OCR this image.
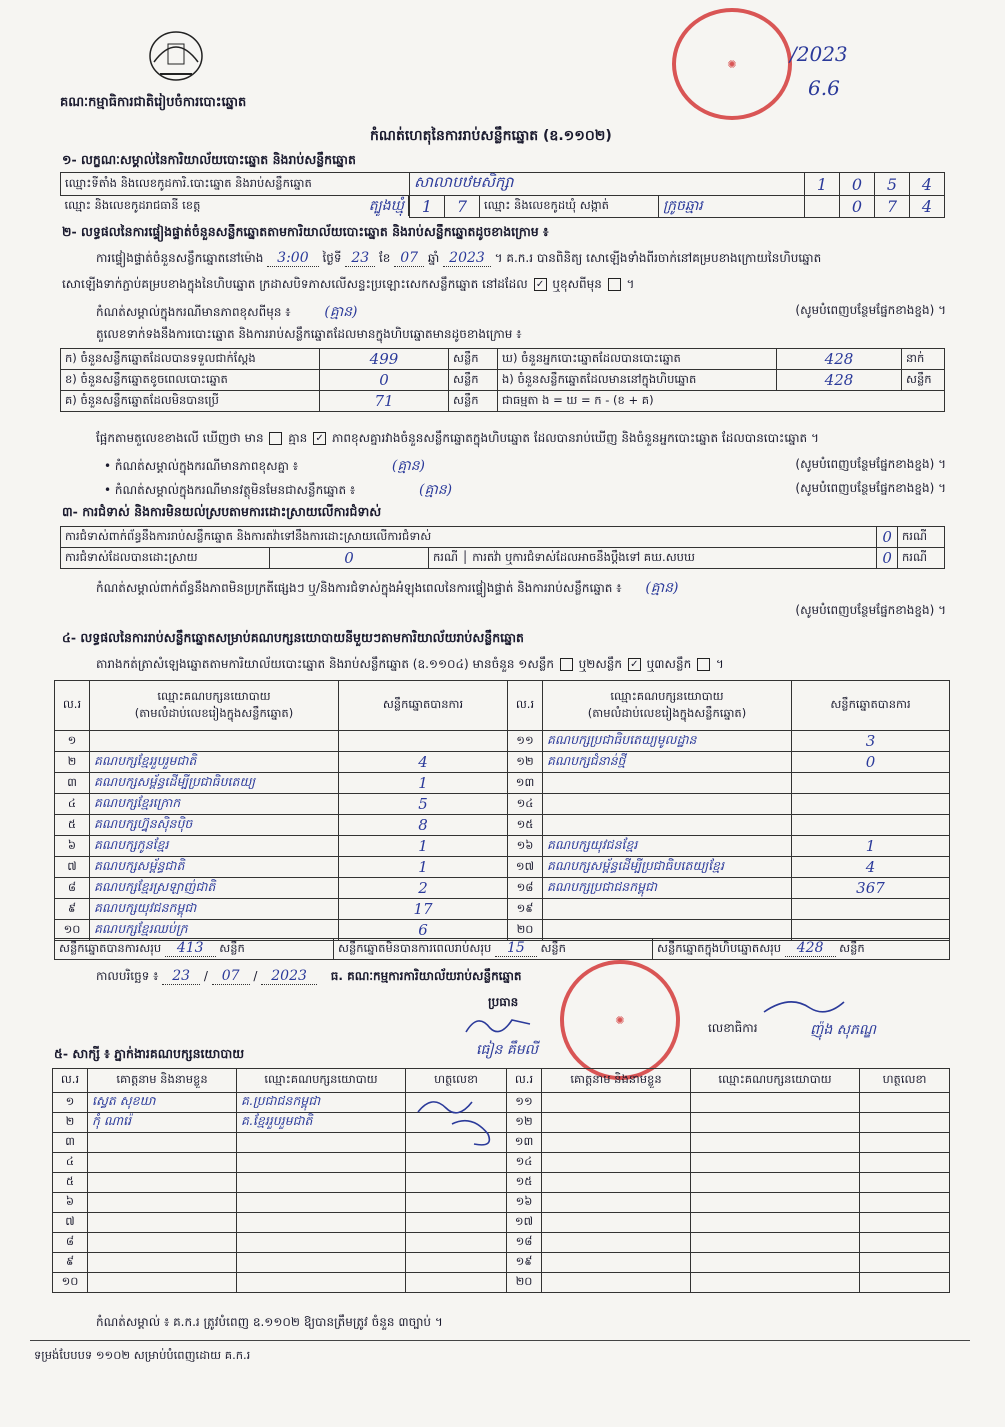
គណៈកម្មាធិការជាតិរៀបចំការបោះឆ្នោត
✺	/2023
6.6
កំណត់ហេតុនៃការរាប់សន្លឹកឆ្នោត (ឧ.១១០២)
១- លក្ខណៈសម្គាល់នៃការិយាល័យបោះឆ្នោត និងរាប់សន្លឹកឆ្នោត
ឈ្មោះទីតាំង និងលេខកូដការិ.បោះឆ្នោត និងរាប់សន្លឹកឆ្នោត	សាលាបឋមសិក្សា				1	0	5	4

ឈ្មោះ និងលេខកូដរាជធានី ខេត្ត	ត្បូងឃ្មុំ 1	7	ឈ្មោះ និងលេខកូដឃុំ សង្កាត់	ក្រូចឆ្មារ		0	7	4
២- លទ្ធផលនៃការផ្ទៀងផ្ទាត់ចំនួនសន្លឹកឆ្នោតតាមការិយាល័យបោះឆ្នោត និងរាប់សន្លឹកឆ្នោតដូចខាងក្រោម ៖
ការផ្ទៀងផ្ទាត់ចំនួនសន្លឹកឆ្នោតនៅម៉ោង 3:00 ថ្ងៃទី 23 ខែ 07 ឆ្នាំ 2023 ។ គ.ក.រ បានពិនិត្យ សោឡើងទាំងពីរចាក់នៅគម្របខាងក្រោយនៃហិបឆ្នោត
សោឡើងទាក់ភ្ជាប់គម្របខាងក្នុងនៃហិបឆ្នោត ក្រដាសបិទភាសលើសន្ទះប្រឡោះសេកសន្លឹកឆ្នោត នៅដដែល ✓ ឬខុសពីមុន  ។
កំណត់សម្គាល់ក្នុងករណីមានភាពខុសពីមុន ៖ (គ្មាន)	(សូមបំពេញបន្ថែមផ្នែកខាងខ្នង) ។
តួលេខទាក់ទងនឹងការបោះឆ្នោត និងការរាប់សន្លឹកឆ្នោតដែលមានក្នុងហិបឆ្នោតមានដូចខាងក្រោម ៖
ក) ចំនួនសន្លឹកឆ្នោតដែលបានទទួលជាក់ស្ដែង	499	សន្លឹក	ឃ) ចំនួនអ្នកបោះឆ្នោតដែលបានបោះឆ្នោត	428	នាក់
ខ) ចំនួនសន្លឹកឆ្នោតខូចពេលបោះឆ្នោត	0	សន្លឹក	ង) ចំនួនសន្លឹកឆ្នោតដែលមាននៅក្នុងហិបឆ្នោត	428	សន្លឹក
គ) ចំនួនសន្លឹកឆ្នោតដែលមិនបានប្រើ	71	សន្លឹក	ជាធម្មតា ង = ឃ = ក - (ខ + គ)		
ផ្អែកតាមតួលេខខាងលើ ឃើញថា មាន គ្មាន ✓ ភាពខុសគ្នារវាងចំនួនសន្លឹកឆ្នោតក្នុងហិបឆ្នោត ដែលបានរាប់ឃើញ និងចំនួនអ្នកបោះឆ្នោត ដែលបានបោះឆ្នោត ។
• កំណត់សម្គាល់ក្នុងករណីមានភាពខុសគ្នា ៖	(គ្មាន)	(សូមបំពេញបន្ថែមផ្នែកខាងខ្នង) ។
• កំណត់សម្គាល់ក្នុងករណីមានវត្ថុមិនមែនជាសន្លឹកឆ្នោត ៖	(គ្មាន)	(សូមបំពេញបន្ថែមផ្នែកខាងខ្នង) ។
៣- ការជំទាស់ និងការមិនយល់ស្របតាមការដោះស្រាយលើការជំទាស់
ការជំទាស់ពាក់ព័ន្ធនឹងការរាប់សន្លឹកឆ្នោត និងការតវ៉ាទៅនឹងការដោះស្រាយលើការជំទាស់			0	ករណី
ការជំទាស់ដែលបានដោះស្រាយ	0	ករណី │ ការតវ៉ា ឬការជំទាស់ដែលអាចនឹងប្ដឹងទៅ គឃ.សបឃ	0	ករណី
កំណត់សម្គាល់ពាក់ព័ន្ធនឹងភាពមិនប្រក្រតីផ្សេងៗ ឬ/និងការជំទាស់ក្នុងអំឡុងពេលនៃការផ្ទៀងផ្ទាត់ និងការរាប់សន្លឹកឆ្នោត ៖ (គ្មាន)
(សូមបំពេញបន្ថែមផ្នែកខាងខ្នង) ។
៤- លទ្ធផលនៃការរាប់សន្លឹកឆ្នោតសម្រាប់គណបក្សនយោបាយនីមួយៗតាមការិយាល័យរាប់សន្លឹកឆ្នោត
តារាងកត់ត្រាសំឡេងឆ្នោតតាមការិយាល័យបោះឆ្នោត និងរាប់សន្លឹកឆ្នោត (ឧ.១១០៤) មានចំនួន ១សន្លឹក ឬ២សន្លឹក ✓ ឬ៣សន្លឹក  ។
ល.រ	ឈ្មោះគណបក្សនយោបាយ
(តាមលំដាប់លេខរៀងក្នុងសន្លឹកឆ្នោត)	សន្លឹកឆ្នោតបានការ	ល.រ	ឈ្មោះគណបក្សនយោបាយ
(តាមលំដាប់លេខរៀងក្នុងសន្លឹកឆ្នោត)	សន្លឹកឆ្នោតបានការ
១			១១	គណបក្សប្រជាធិបតេយ្យមូលដ្ឋាន	3
២	គណបក្សខ្មែររួបរួមជាតិ	4	១២	គណបក្សជំនាន់ថ្មី	0
៣	គណបក្សសម្ព័ន្ធដើម្បីប្រជាធិបតេយ្យ	1	១៣		
៤	គណបក្សខ្មែរក្រោក	5	១៤		
៥	គណបក្សហ្វ៊ុនស៊ិនប៉ិច	8	១៥		
៦	គណបក្សកូនខ្មែរ	1	១៦	គណបក្សយុវជនខ្មែរ	1
៧	គណបក្សសម្ព័ន្ធជាតិ	1	១៧	គណបក្សសម្ព័ន្ធដើម្បីប្រជាធិបតេយ្យខ្មែរ	4
៨	គណបក្សខ្មែរស្រឡាញ់ជាតិ	2	១៨	គណបក្សប្រជាជនកម្ពុជា	367
៩	គណបក្សយុវជនកម្ពុជា	17	១៩		
១០	គណបក្សខ្មែរឈប់ក្រ	6	២០		
សន្លឹកឆ្នោតបានការសរុប 413 សន្លឹក	សន្លឹកឆ្នោតមិនបានការពេលរាប់សរុប 15 សន្លឹក	សន្លឹកឆ្នោតក្នុងហិបឆ្នោតសរុប 428 សន្លឹក
កាលបរិច្ឆេទ ៖ 23 / 07 / 2023 ធ. គណៈកម្មការការិយាល័យរាប់សន្លឹកឆ្នោត
✺
ប្រធាន
ធៀន គឹមលី
លេខាធិការ	ញ៉ុង សុភណ្ឌ
៥- សាក្សី ៖ ភ្នាក់ងារគណបក្សនយោបាយ
ល.រ	គោត្តនាម និងនាមខ្លួន	ឈ្មោះគណបក្សនយោបាយ	ហត្ថលេខា	ល.រ	គោត្តនាម និងនាមខ្លួន	ឈ្មោះគណបក្សនយោបាយ	ហត្ថលេខា
១	ស្វេត សុខឃា	គ.ប្រជាជនកម្ពុជា		១១			
២	កុំ ណារ៉េ	គ.ខ្មែររួបរួមជាតិ		១២			
៣				១៣			
៤				១៤			
៥				១៥			
៦				១៦			
៧				១៧			
៨				១៨			
៩				១៩			
១០				២០			
កំណត់សម្គាល់ ៖ គ.ក.រ ត្រូវបំពេញ ឧ.១១០២ ឱ្យបានត្រឹមត្រូវ ចំនួន ៣ច្បាប់ ។
ទម្រង់បែបបទ ១១០២ សម្រាប់បំពេញដោយ គ.ក.រ
